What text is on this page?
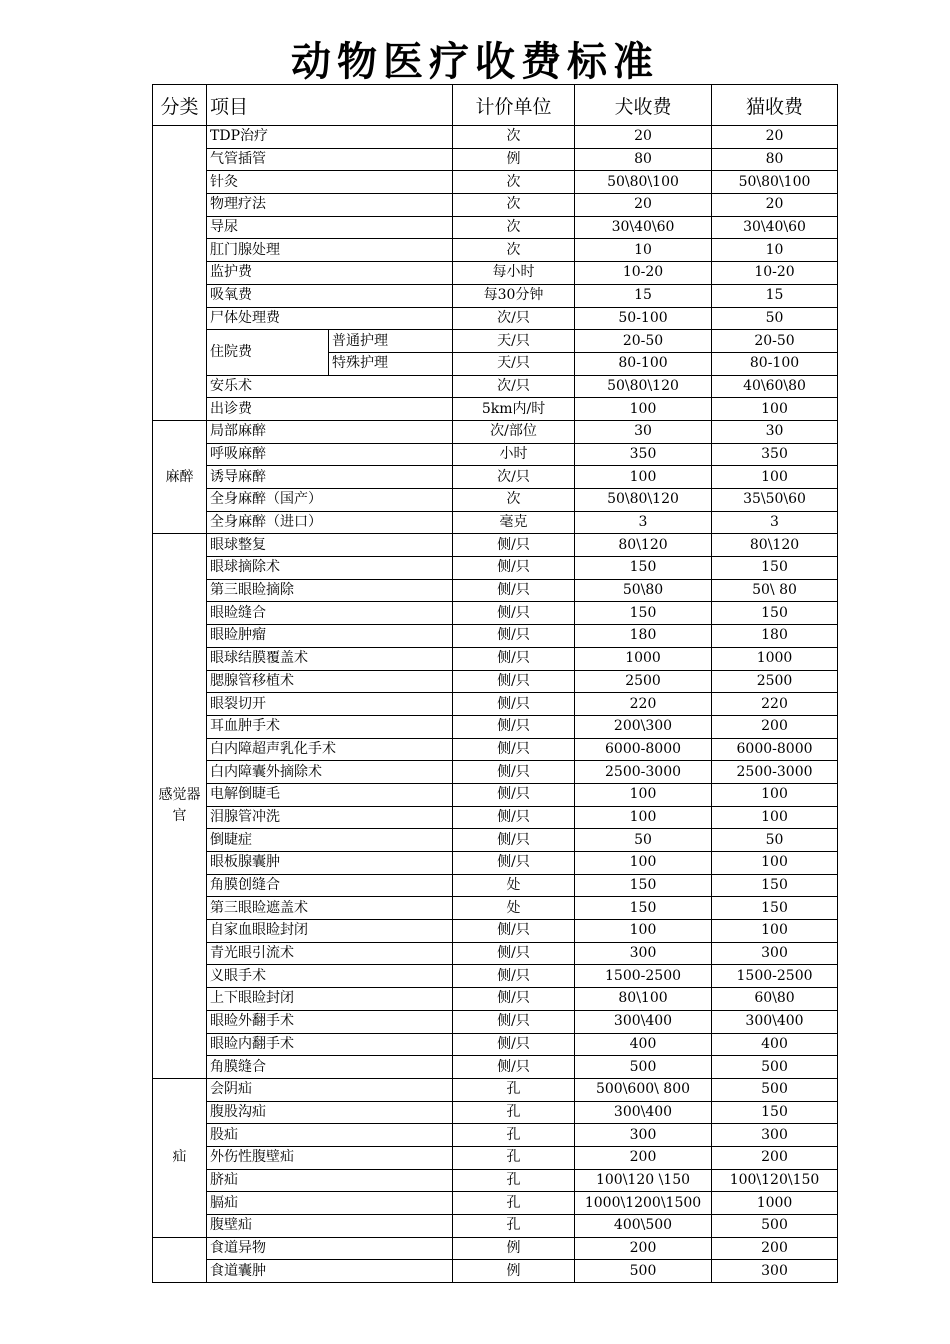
动物医疗收费标准
分类	项目		计价单位	犬收费	猫收费
	TDP治疗		次	20	20
	气管插管		例	80	80
	针灸		次	50\80\100	50\80\100
	物理疗法		次	20	20
	导尿		次	30\40\60	30\40\60
	肛门腺处理		次	10	10
	监护费		每小时	10-20	10-20
	吸氧费		每30分钟	15	15
	尸体处理费		次/只	50-100	50
	住院费	普通护理	天/只	20-50	20-50
		特殊护理	天/只	80-100	80-100
	安乐术		次/只	50\80\120	40\60\80
	出诊费		5km内/时	100	100
麻醉	局部麻醉		次/部位	30	30
	呼吸麻醉		小时	350	350
	诱导麻醉		次/只	100	100
	全身麻醉（国产）		次	50\80\120	35\50\60
	全身麻醉（进口）		毫克	3	3
感觉器官	眼球整复		侧/只	80\120	80\120
	眼球摘除术		侧/只	150	150
	第三眼睑摘除		侧/只	50\80	50\ 80
	眼睑缝合		侧/只	150	150
	眼睑肿瘤		侧/只	180	180
	眼球结膜覆盖术		侧/只	1000	1000
	腮腺管移植术		侧/只	2500	2500
	眼裂切开		侧/只	220	220
	耳血肿手术		侧/只	200\300	200
	白内障超声乳化手术		侧/只	6000-8000	6000-8000
	白内障囊外摘除术		侧/只	2500-3000	2500-3000
	电解倒睫毛		侧/只	100	100
	泪腺管冲洗		侧/只	100	100
	倒睫症		侧/只	50	50
	眼板腺囊肿		侧/只	100	100
	角膜创缝合		处	150	150
	第三眼睑遮盖术		处	150	150
	自家血眼睑封闭		侧/只	100	100
	青光眼引流术		侧/只	300	300
	义眼手术		侧/只	1500-2500	1500-2500
	上下眼睑封闭		侧/只	80\100	60\80
	眼睑外翻手术		侧/只	300\400	300\400
	眼睑内翻手术		侧/只	400	400
	角膜缝合		侧/只	500	500
疝	会阴疝		孔	500\600\ 800	500
	腹股沟疝		孔	300\400	150
	股疝		孔	300	300
	外伤性腹壁疝		孔	200	200
	脐疝		孔	100\120 \150	100\120\150
	膈疝		孔	1000\1200\1500	1000
	腹壁疝		孔	400\500	500
	食道异物		例	200	200
	食道囊肿		例	500	300
